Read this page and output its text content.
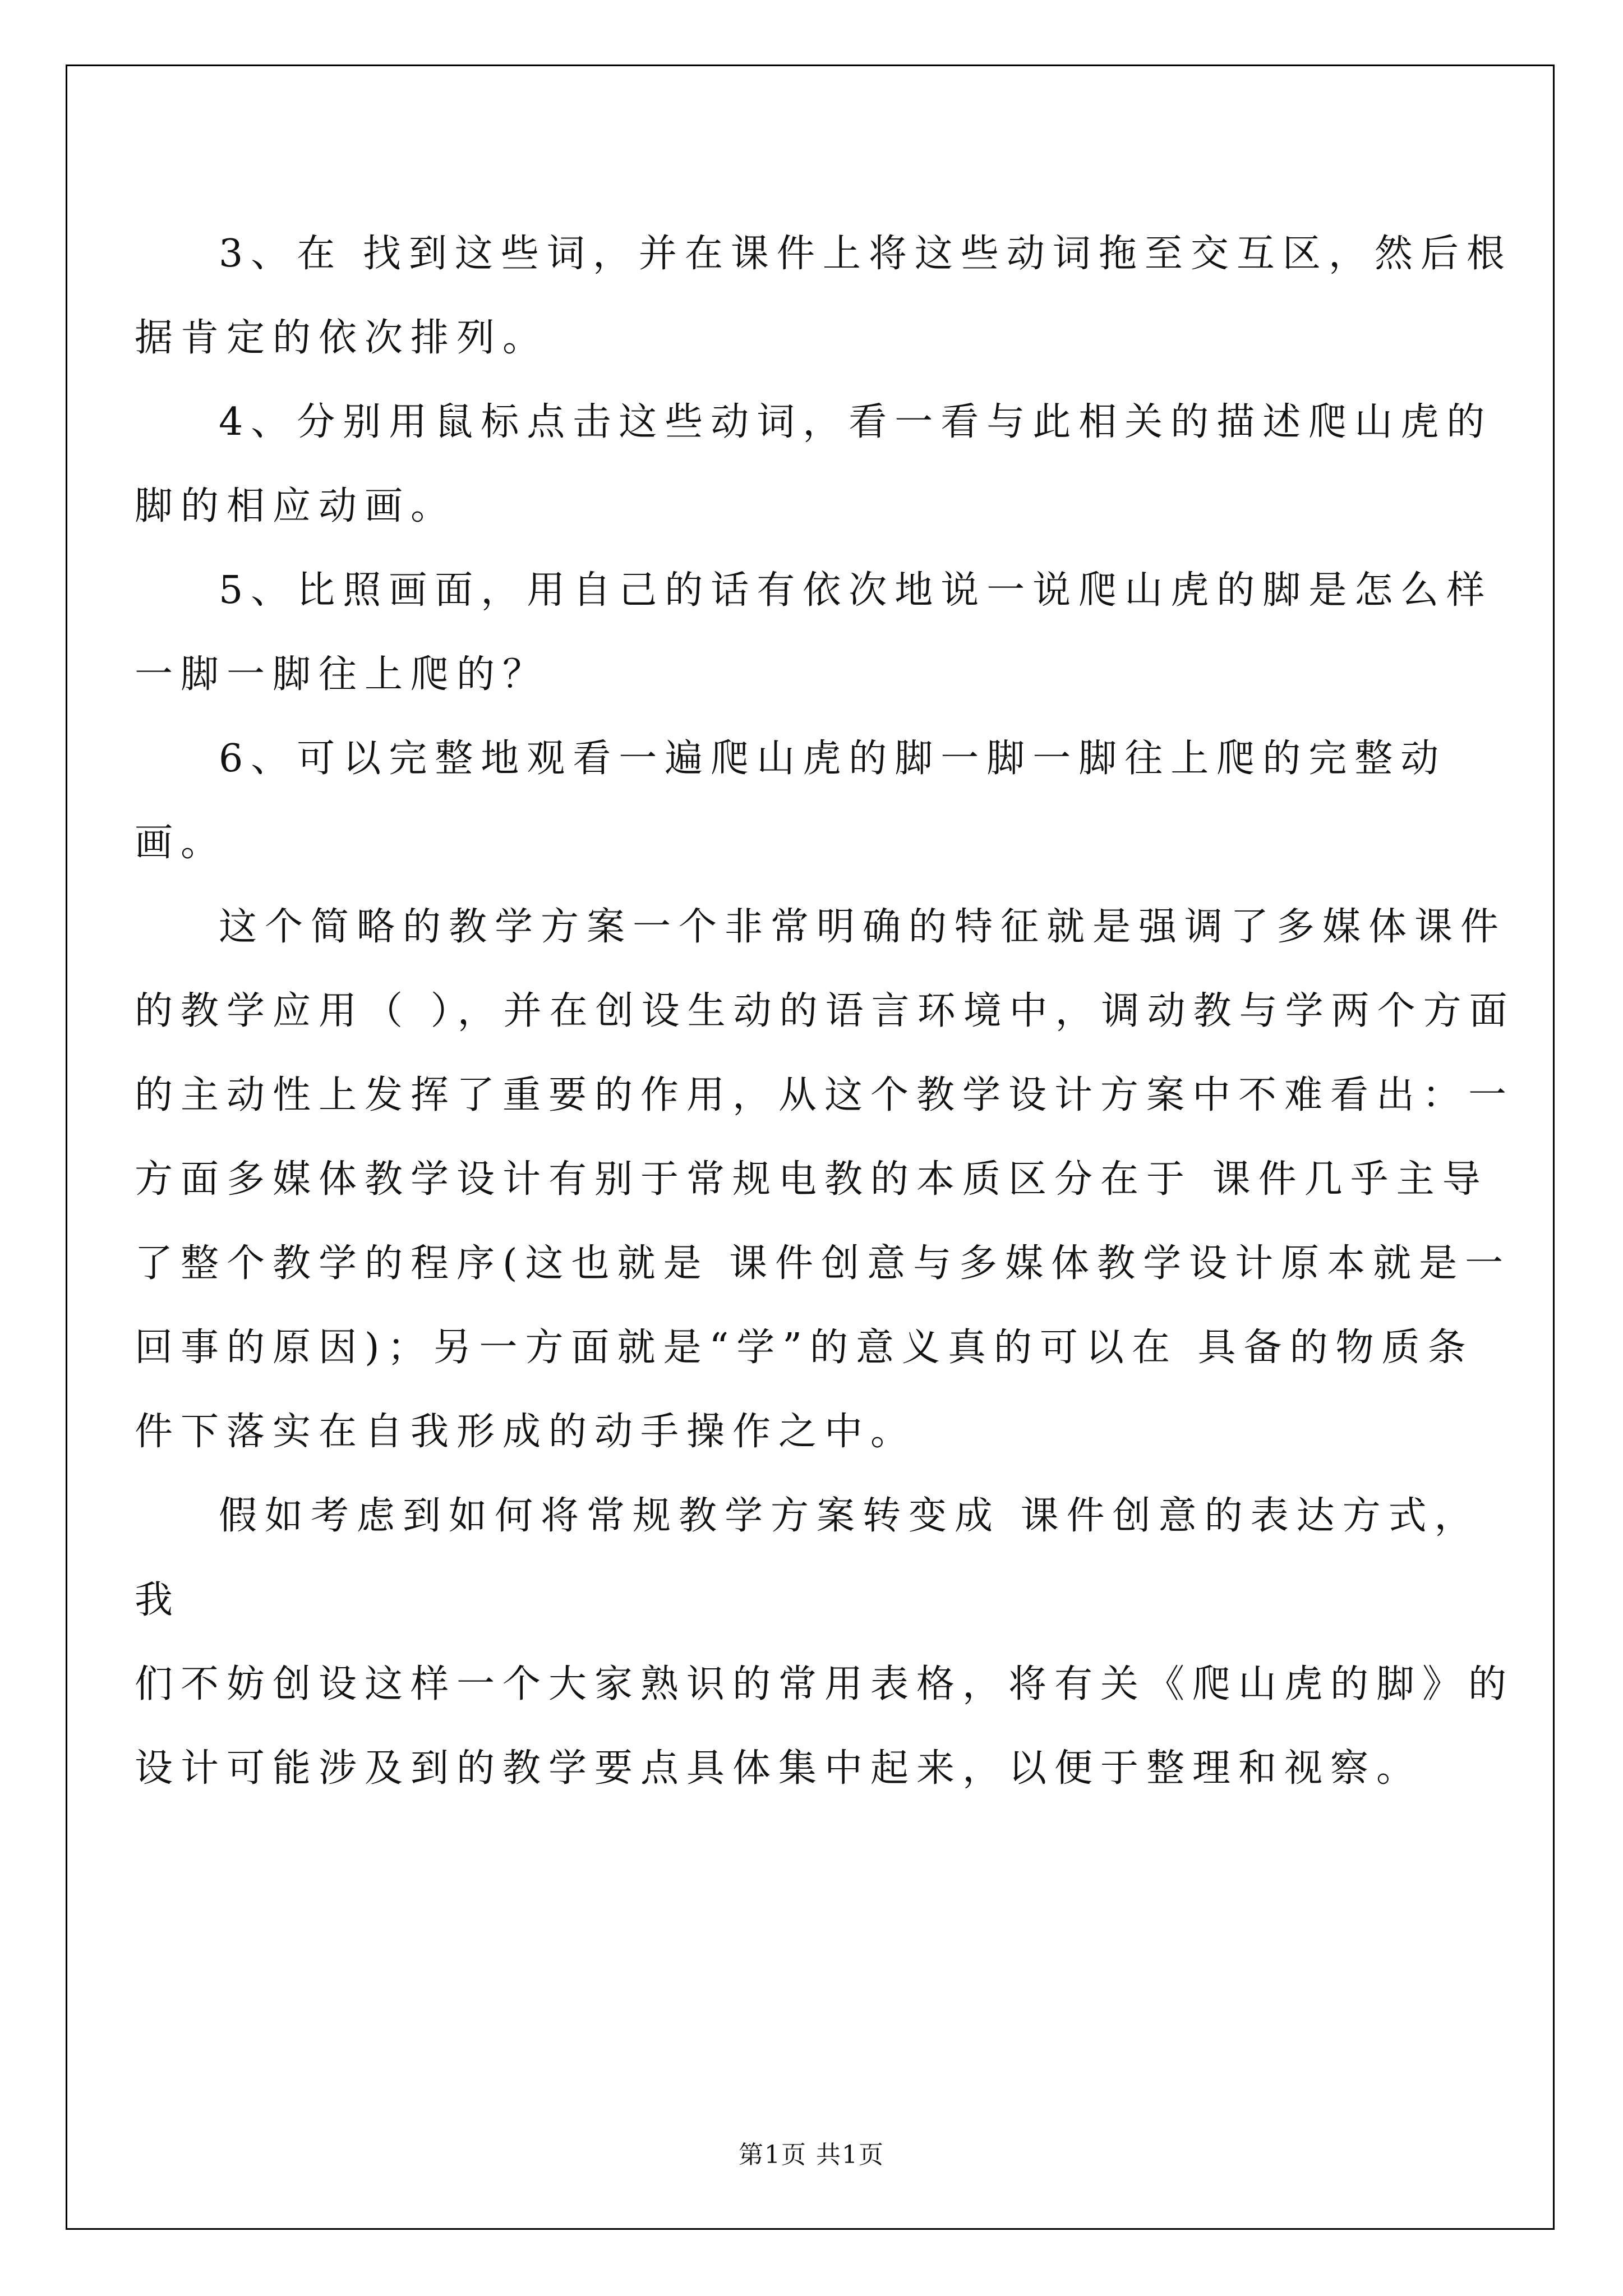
3、在 找到这些词，并在课件上将这些动词拖至交互区，然后根

据肯定的依次排列。

4、分别用鼠标点击这些动词，看一看与此相关的描述爬山虎的

脚的相应动画。

5、比照画面，用自己的话有依次地说一说爬山虎的脚是怎么样

一脚一脚往上爬的？

6、可以完整地观看一遍爬山虎的脚一脚一脚往上爬的完整动画。

这个简略的教学方案一个非常明确的特征就是强调了多媒体课件

的教学应用（ ），并在创设生动的语言环境中，调动教与学两个方面

的主动性上发挥了重要的作用，从这个教学设计方案中不难看出：一

方面多媒体教学设计有别于常规电教的本质区分在于 课件几乎主导

了整个教学的程序(这也就是 课件创意与多媒体教学设计原本就是一

回事的原因)；另一方面就是“学”的意义真的可以在 具备的物质条

件下落实在自我形成的动手操作之中。

假如考虑到如何将常规教学方案转变成 课件创意的表达方式，我

们不妨创设这样一个大家熟识的常用表格，将有关《爬山虎的脚》的

设计可能涉及到的教学要点具体集中起来，以便于整理和视察。

第1页 共1页
